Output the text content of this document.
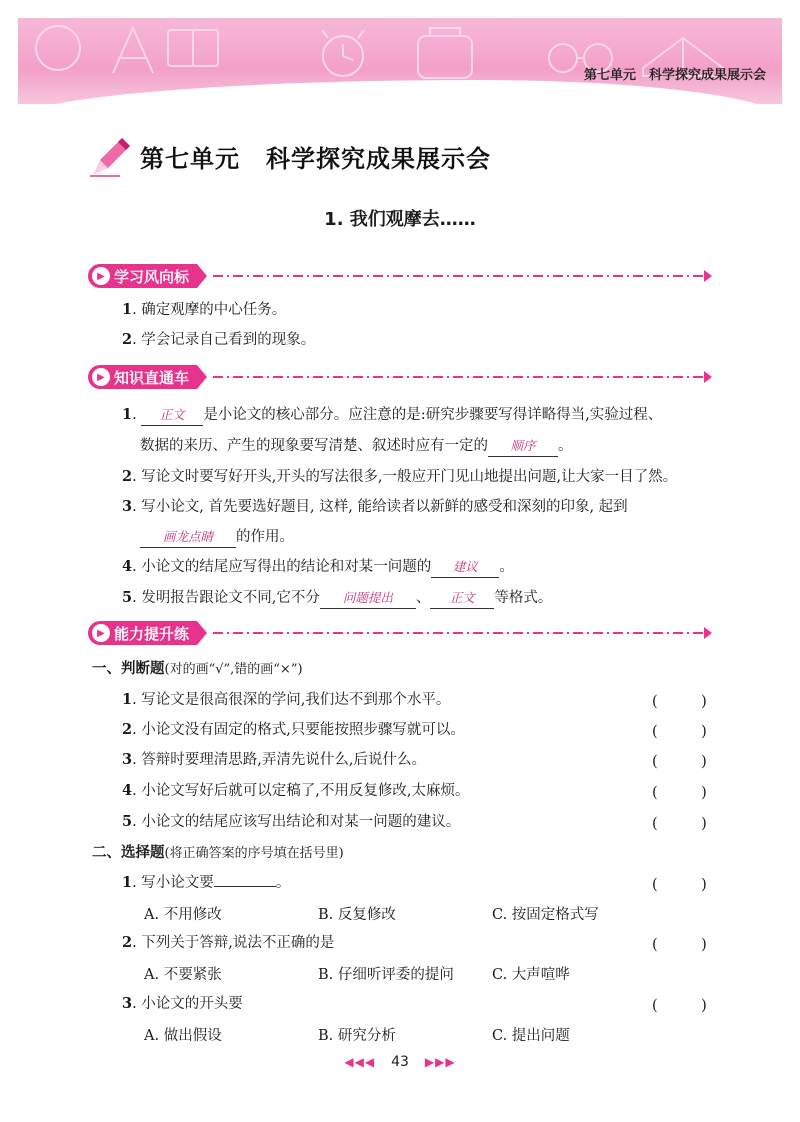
第七单元　科学探究成果展示会
第七单元 科学探究成果展示会
1. 我们观摩去……
▶ 学习风向标
1. 确定观摩的中心任务。
2. 学会记录自己看到的现象。
▶ 知识直通车
1. 正文 是小论文的核心部分。应注意的是:研究步骤要写得详略得当,实验过程、
数据的来历、产生的现象要写清楚、叙述时应有一定的 顺序 。
2. 写论文时要写好开头,开头的写法很多,一般应开门见山地提出问题,让大家一目了然。
3. 写小论文, 首先要选好题目, 这样, 能给读者以新鲜的感受和深刻的印象, 起到
画龙点睛 的作用。
4. 小论文的结尾应写得出的结论和对某一问题的 建议 。
5. 发明报告跟论文不同,它不分 问题提出 、 正文 等格式。
▶ 能力提升练
一、判断题(对的画“√”,错的画“×”)
1. 写论文是很高很深的学问,我们达不到那个水平。	(　　　)
2. 小论文没有固定的格式,只要能按照步骤写就可以。	(　　　)
3. 答辩时要理清思路,弄清先说什么,后说什么。	(　　　)
4. 小论文写好后就可以定稿了,不用反复修改,太麻烦。	(　　　)
5. 小论文的结尾应该写出结论和对某一问题的建议。	(　　　)
二、选择题(将正确答案的序号填在括号里)
1. 写小论文要	。	(　　　)
A. 不用修改	B. 反复修改	C. 按固定格式写
2. 下列关于答辩,说法不正确的是	(　　　)
A. 不要紧张	B. 仔细听评委的提问	C. 大声喧哗
3. 小论文的开头要	(　　　)
A. 做出假设	B. 研究分析	C. 提出问题
◀◀◀ 43 ▶▶▶
